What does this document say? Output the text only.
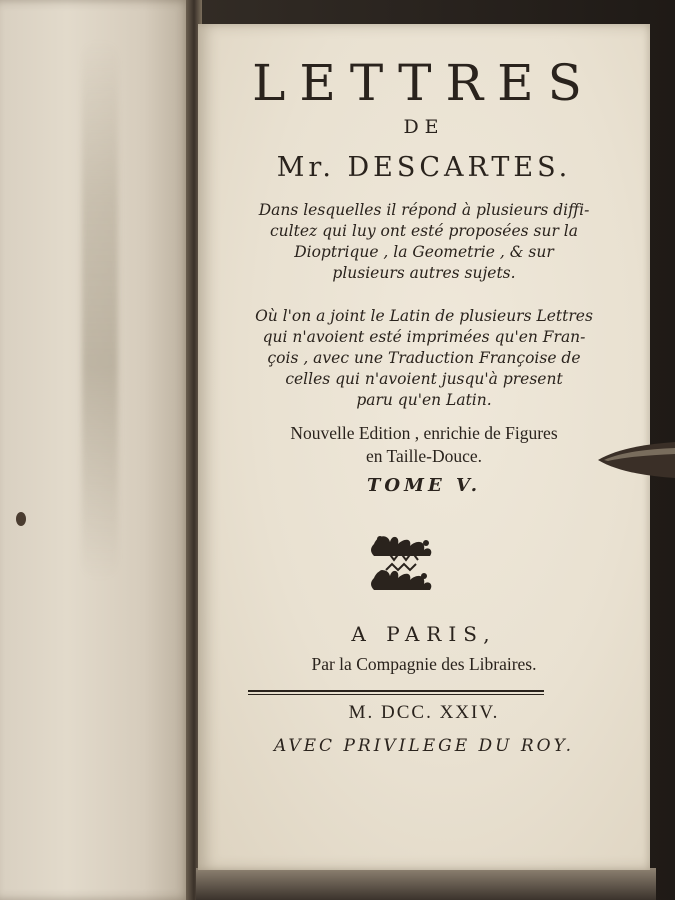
LETTRES
DE
Mr. DESCARTES.
Dans lesquelles il répond à plusieurs diffi-
cultez qui luy ont esté proposées sur la
Dioptrique , la Geometrie , & sur
plusieurs autres sujets.
Où l'on a joint le Latin de plusieurs Lettres
qui n'avoient esté imprimées qu'en Fran-
çois , avec une Traduction Françoise de
celles qui n'avoient jusqu'à present
paru qu'en Latin.
Nouvelle Edition , enrichie de Figures
en Taille-Douce.
TOME V.
A PARIS,
Par la Compagnie des Libraires.
M. DCC. XXIV.
AVEC PRIVILEGE DU ROY.
